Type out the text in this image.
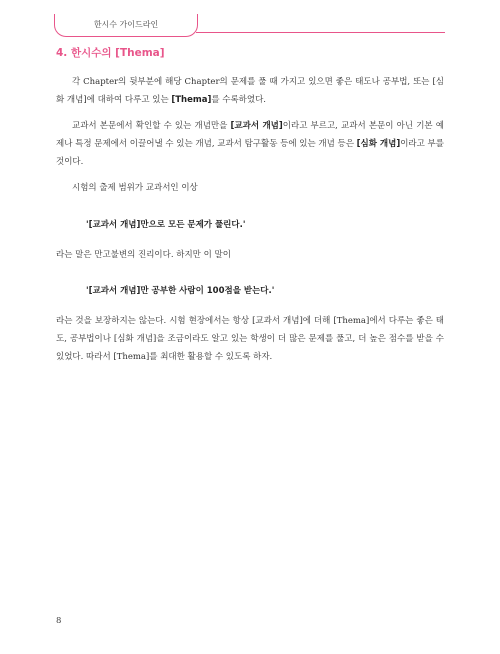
한시수 가이드라인
4. 한시수의 [Thema]

각 Chapter의 뒷부분에 해당 Chapter의 문제를 풀 때 가지고 있으면 좋은 태도나 공부법, 또는 [심화 개념]에 대하여 다루고 있는 [Thema]를 수록하였다.

교과서 본문에서 확인할 수 있는 개념만을 [교과서 개념]이라고 부르고, 교과서 본문이 아닌 기본 예제나 특정 문제에서 이끌어낼 수 있는 개념, 교과서 탐구활동 등에 있는 개념 등은 [심화 개념]이라고 부를 것이다.

시험의 출제 범위가 교과서인 이상

'[교과서 개념]만으로 모든 문제가 풀린다.'

라는 말은 만고불변의 진리이다. 하지만 이 말이

'[교과서 개념]만 공부한 사람이 100점을 받는다.'

라는 것을 보장하지는 않는다. 시험 현장에서는 항상 [교과서 개념]에 더해 [Thema]에서 다루는 좋은 태도, 공부법이나 [심화 개념]을 조금이라도 알고 있는 학생이 더 많은 문제를 풀고, 더 높은 점수를 받을 수 있었다. 따라서 [Thema]를 최대한 활용할 수 있도록 하자.

8
